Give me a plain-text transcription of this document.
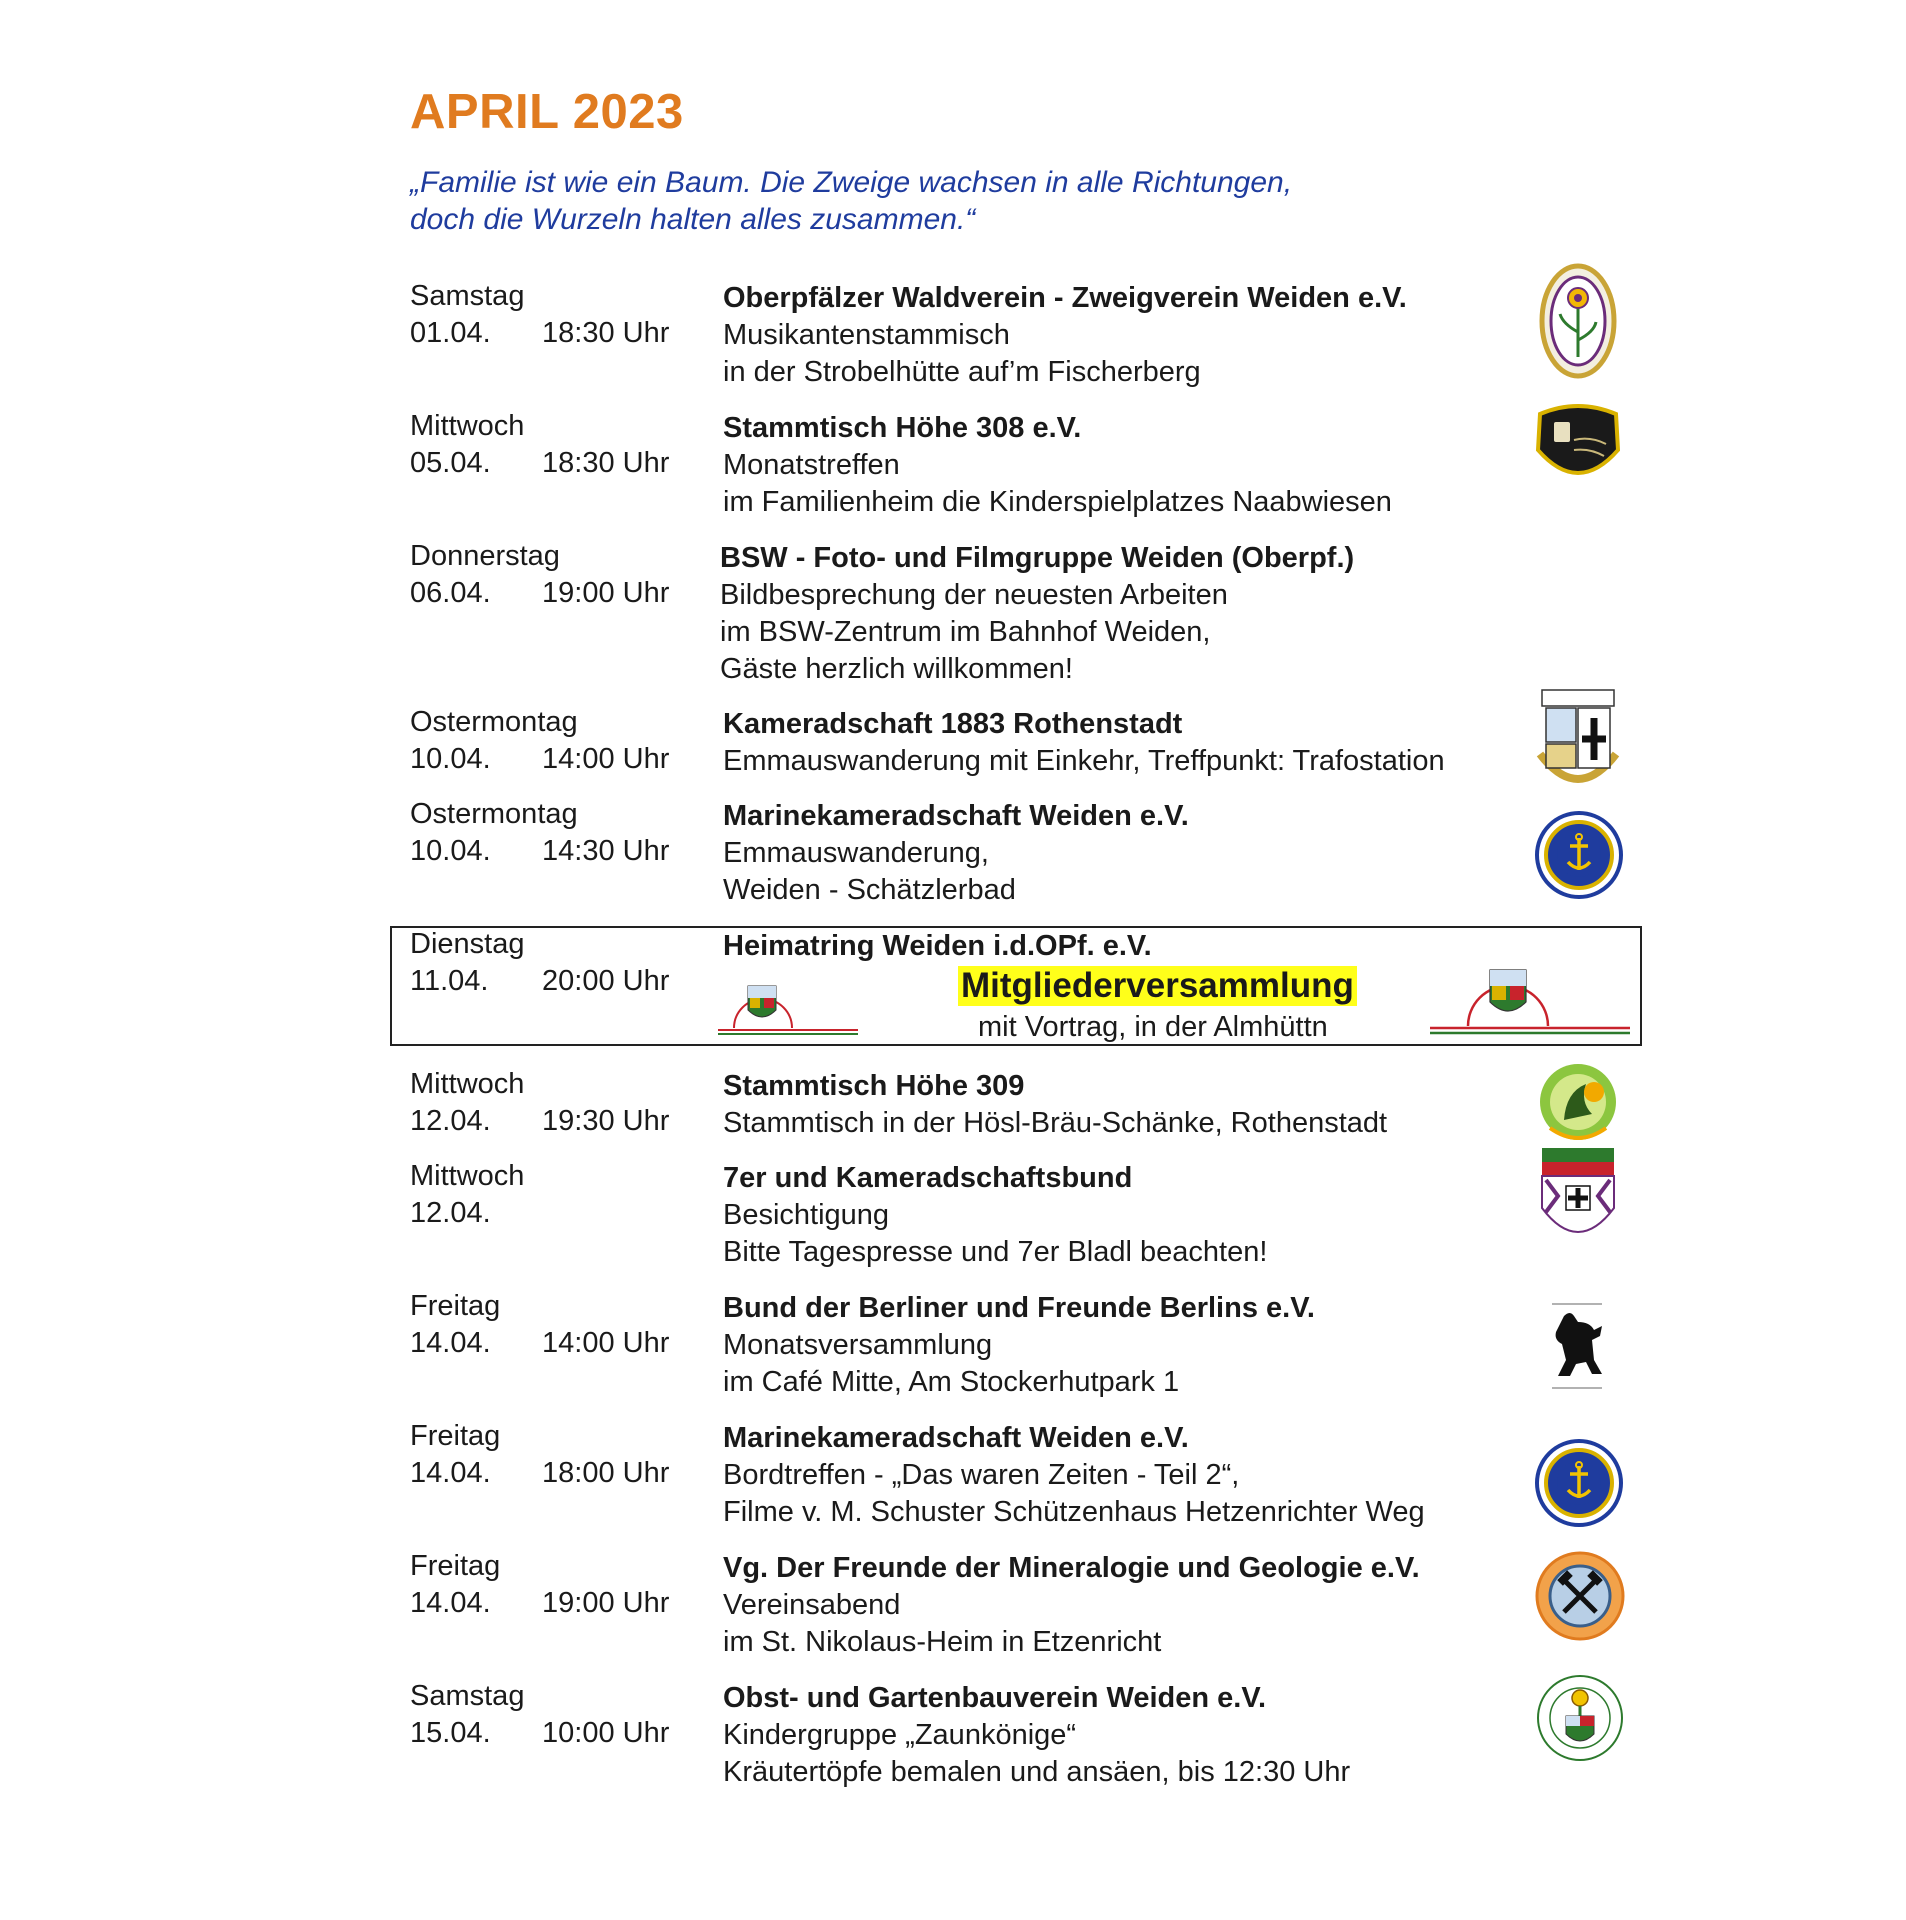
APRIL 2023
„Familie ist wie ein Baum. Die Zweige wachsen in alle Richtungen,
doch die Wurzeln halten alles zusammen.“
Samstag
01.04. 18:30 Uhr
Oberpfälzer Waldverein - Zweigverein Weiden e.V.
Musikantenstammisch
in der Strobelhütte auf’m Fischerberg
Mittwoch
05.04. 18:30 Uhr
Stammtisch Höhe 308 e.V.
Monatstreffen
im Familienheim die Kinderspielplatzes Naabwiesen
Donnerstag
06.04. 19:00 Uhr
BSW - Foto- und Filmgruppe Weiden (Oberpf.)
Bildbesprechung der neuesten Arbeiten
im BSW-Zentrum im Bahnhof Weiden,
Gäste herzlich willkommen!
Ostermontag
10.04. 14:00 Uhr
Kameradschaft 1883 Rothenstadt
Emmauswanderung mit Einkehr, Treffpunkt: Trafostation
Ostermontag
10.04. 14:30 Uhr
Marinekameradschaft Weiden e.V.
Emmauswanderung,
Weiden - Schätzlerbad
Dienstag
11.04. 20:00 Uhr
Heimatring Weiden i.d.OPf. e.V.
Mitgliederversammlung
mit Vortrag, in der Almhüttn
Mittwoch
12.04. 19:30 Uhr
Stammtisch Höhe 309
Stammtisch in der Hösl-Bräu-Schänke, Rothenstadt
Mittwoch
12.04.
7er und Kameradschaftsbund
Besichtigung
Bitte Tagespresse und 7er Bladl beachten!
Freitag
14.04. 14:00 Uhr
Bund der Berliner und Freunde Berlins e.V.
Monatsversammlung
im Café Mitte, Am Stockerhutpark 1
Freitag
14.04. 18:00 Uhr
Marinekameradschaft Weiden e.V.
Bordtreffen - „Das waren Zeiten - Teil 2“,
Filme v. M. Schuster Schützenhaus Hetzenrichter Weg
Freitag
14.04. 19:00 Uhr
Vg. Der Freunde der Mineralogie und Geologie e.V.
Vereinsabend
im St. Nikolaus-Heim in Etzenricht
Samstag
15.04. 10:00 Uhr
Obst- und Gartenbauverein Weiden e.V.
Kindergruppe „Zaunkönige“
Kräutertöpfe bemalen und ansäen, bis 12:30 Uhr
